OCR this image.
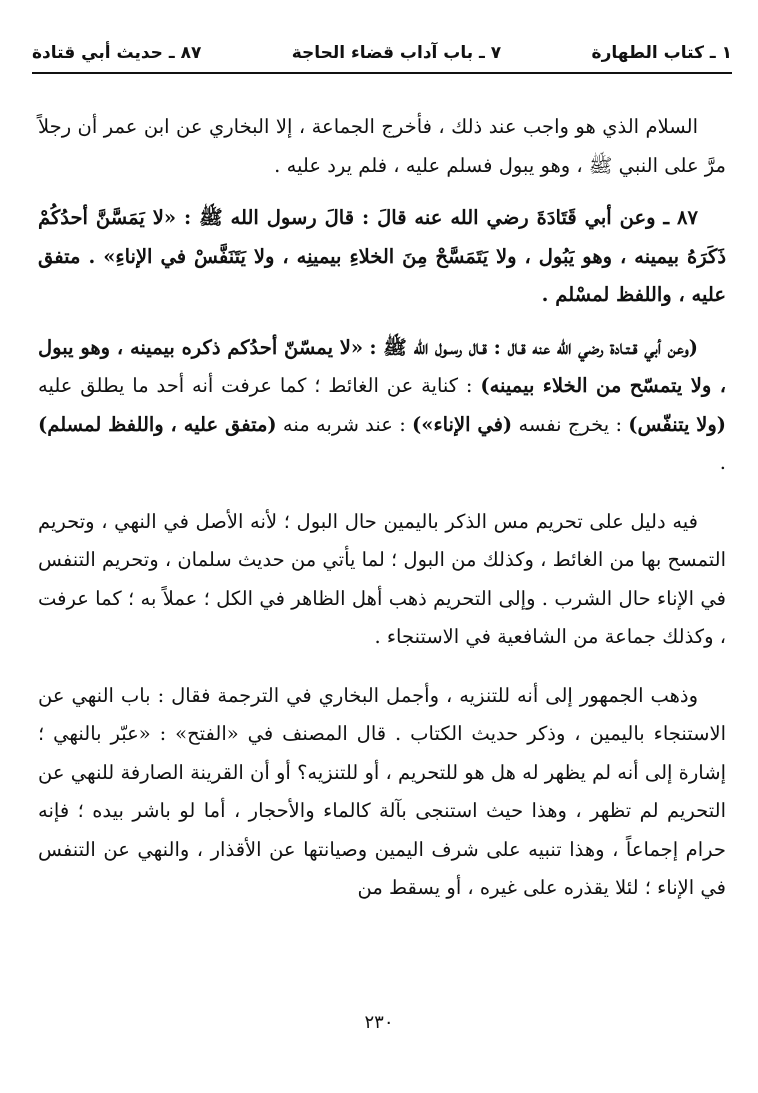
١ ـ كتاب الطهارة
٧ ـ باب آداب قضاء الحاجة
٨٧ ـ حديث أبي قتادة

السلام الذي هو واجب عند ذلك ، فأخرج الجماعة ، إلا البخاري عن ابن عمر أن رجلاً مرَّ على النبي ﷺ ، وهو يبول فسلم عليه ، فلم يرد عليه .

٨٧ ـ وعن أبي قَتَادَةَ رضي الله عنه قالَ : قالَ رسول الله ﷺ : «لا يَمَسَّنَّ أحدُكُمْ ذَكَرَهُ بيمينه ، وهو يَبُول ، ولا يَتَمَسَّحْ مِنَ الخلاءِ بيمينِه ، ولا يَتَنَفَّسْ في الإناءِ» . متفق عليه ، واللفظ لمسْلم .

(وعن أبي قـتـادة رضي الله عنه قـال : قـال رسـول الله ﷺ : «لا يمسّنّ أحدُكم ذكره بيمينه ، وهو يبول ، ولا يتمسّح من الخلاء بيمينه) : كناية عن الغائط ؛ كما عرفت أنه أحد ما يطلق عليه (ولا يتنفّس) : يخرج نفسه (في الإناء») : عند شربه منه (متفق عليه ، واللفظ لمسلم) .

فيه دليل على تحريم مس الذكر باليمين حال البول ؛ لأنه الأصل في النهي ، وتحريم التمسح بها من الغائط ، وكذلك من البول ؛ لما يأتي من حديث سلمان ، وتحريم التنفس في الإناء حال الشرب . وإلى التحريم ذهب أهل الظاهر في الكل ؛ عملاً به ؛ كما عرفت ، وكذلك جماعة من الشافعية في الاستنجاء .

وذهب الجمهور إلى أنه للتنزيه ، وأجمل البخاري في الترجمة فقال : باب النهي عن الاستنجاء باليمين ، وذكر حديث الكتاب . قال المصنف في «الفتح» : «عبّر بالنهي ؛ إشارة إلى أنه لم يظهر له هل هو للتحريم ، أو للتنزيه؟ أو أن القرينة الصارفة للنهي عن التحريم لم تظهر ، وهذا حيث استنجى بآلة كالماء والأحجار ، أما لو باشر بيده ؛ فإنه حرام إجماعاً ، وهذا تنبيه على شرف اليمين وصيانتها عن الأقذار ، والنهي عن التنفس في الإناء ؛ لئلا يقذره على غيره ، أو يسقط من

٢٣٠
